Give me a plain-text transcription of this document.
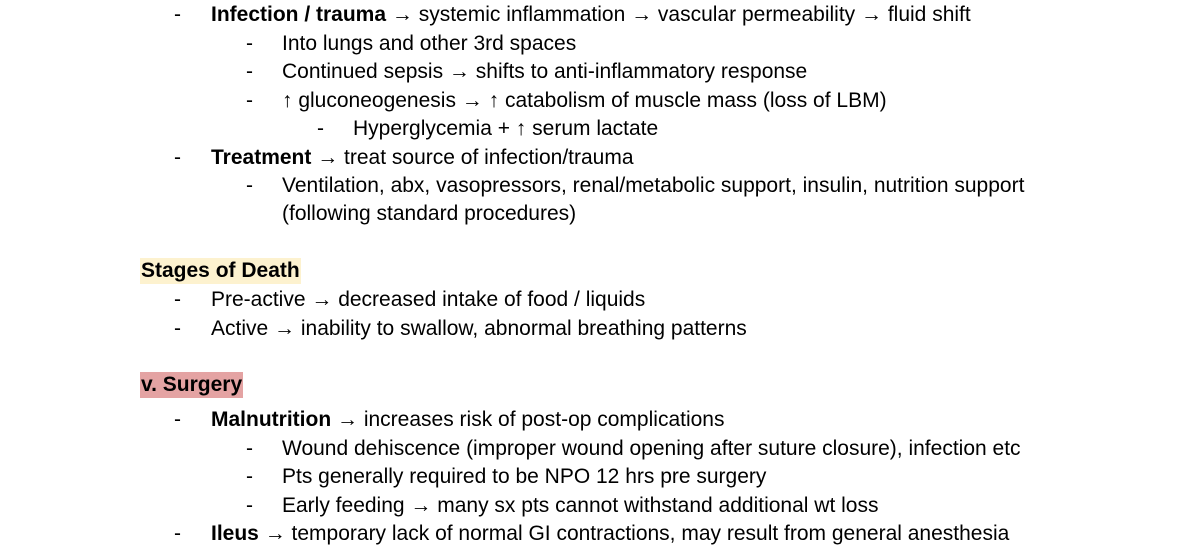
- Infection / trauma → systemic inflammation → vascular permeability → fluid shift
- Into lungs and other 3rd spaces
- Continued sepsis → shifts to anti-inflammatory response
- ↑ gluconeogenesis → ↑ catabolism of muscle mass (loss of LBM)
- Hyperglycemia + ↑ serum lactate
- Treatment → treat source of infection/trauma
- Ventilation, abx, vasopressors, renal/metabolic support, insulin, nutrition support
(following standard procedures)
Stages of Death
- Pre-active → decreased intake of food / liquids
- Active → inability to swallow, abnormal breathing patterns
v. Surgery
- Malnutrition → increases risk of post-op complications
- Wound dehiscence (improper wound opening after suture closure), infection etc
- Pts generally required to be NPO 12 hrs pre surgery
- Early feeding → many sx pts cannot withstand additional wt loss
- Ileus → temporary lack of normal GI contractions, may result from general anesthesia
